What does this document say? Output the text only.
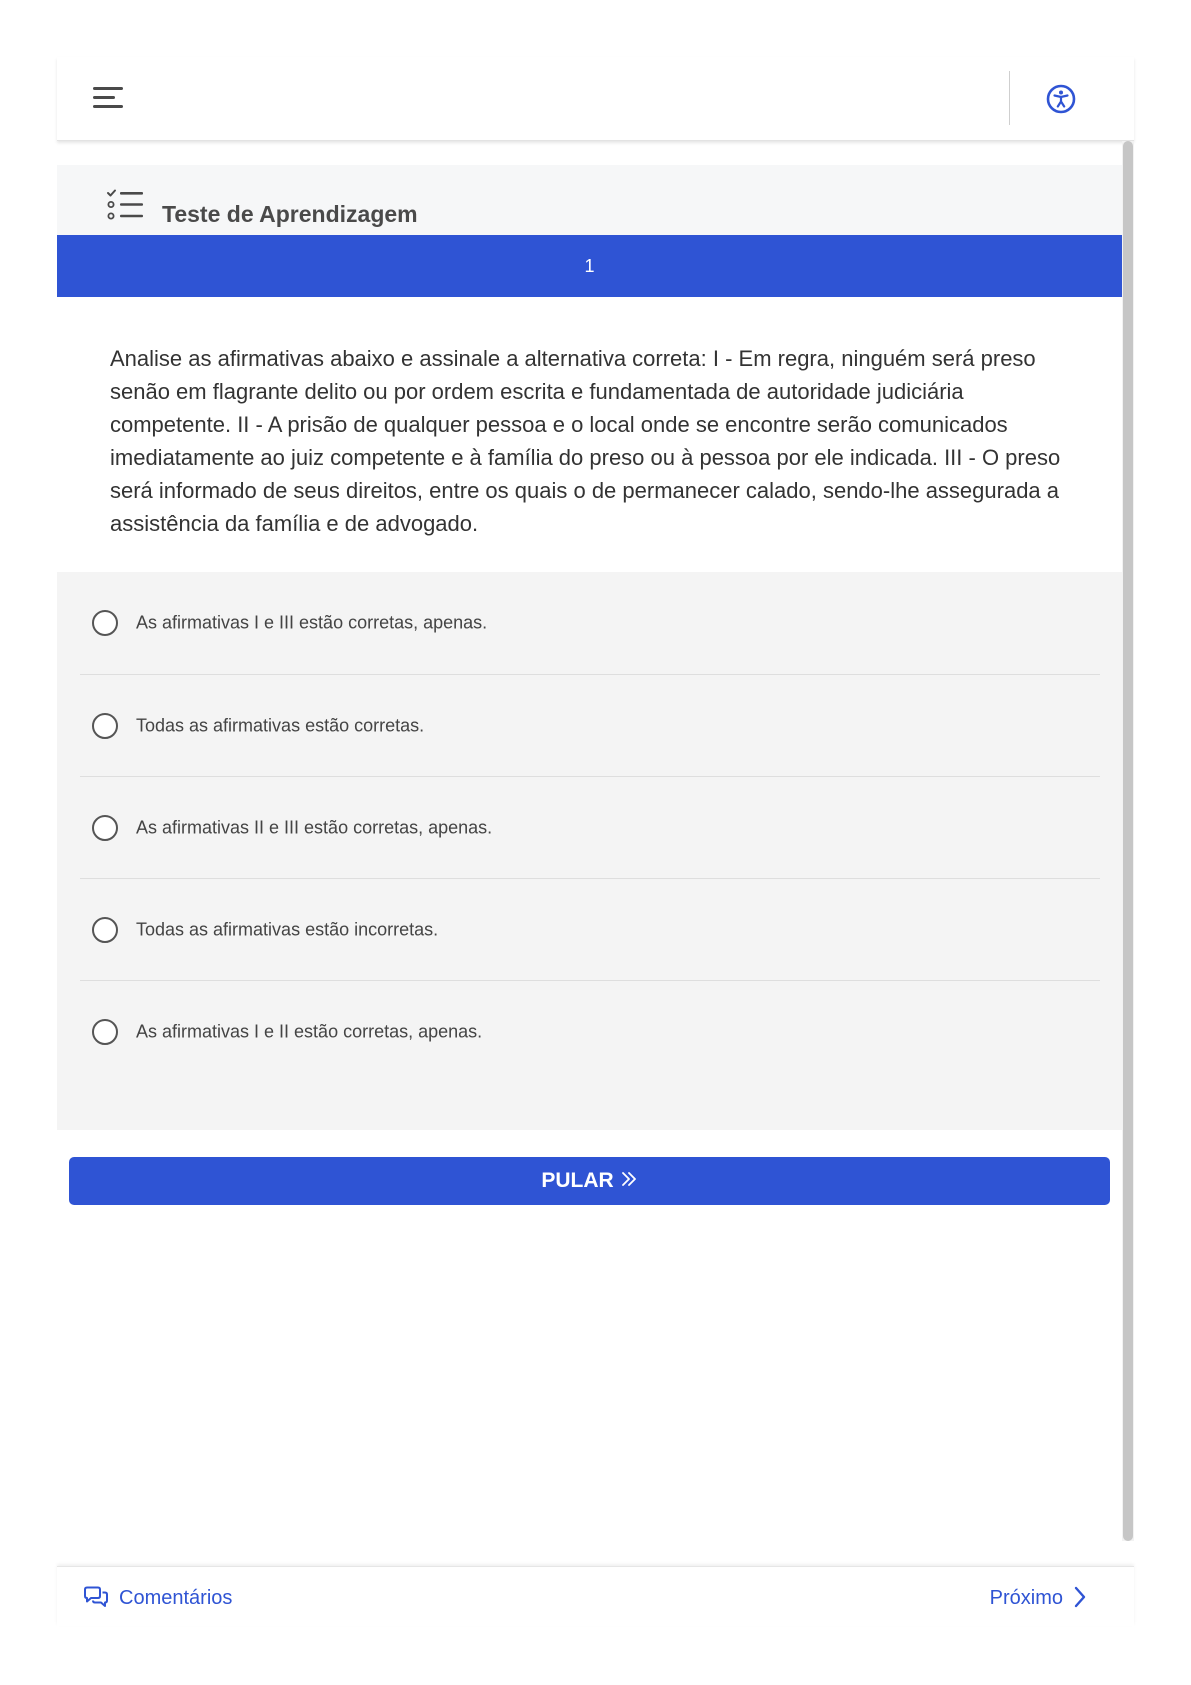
Teste de Aprendizagem
1
Analise as afirmativas abaixo e assinale a alternativa correta: I - Em regra, ninguém será preso senão em flagrante delito ou por ordem escrita e fundamentada de autoridade judiciária competente. II - A prisão de qualquer pessoa e o local onde se encontre serão comunicados imediatamente ao juiz competente e à família do preso ou à pessoa por ele indicada. III - O preso será informado de seus direitos, entre os quais o de permanecer calado, sendo-lhe assegurada a assistência da família e de advogado.
As afirmativas I e III estão corretas, apenas.
Todas as afirmativas estão corretas.
As afirmativas II e III estão corretas, apenas.
Todas as afirmativas estão incorretas.
As afirmativas I e II estão corretas, apenas.
PULAR
Comentários	Próximo
